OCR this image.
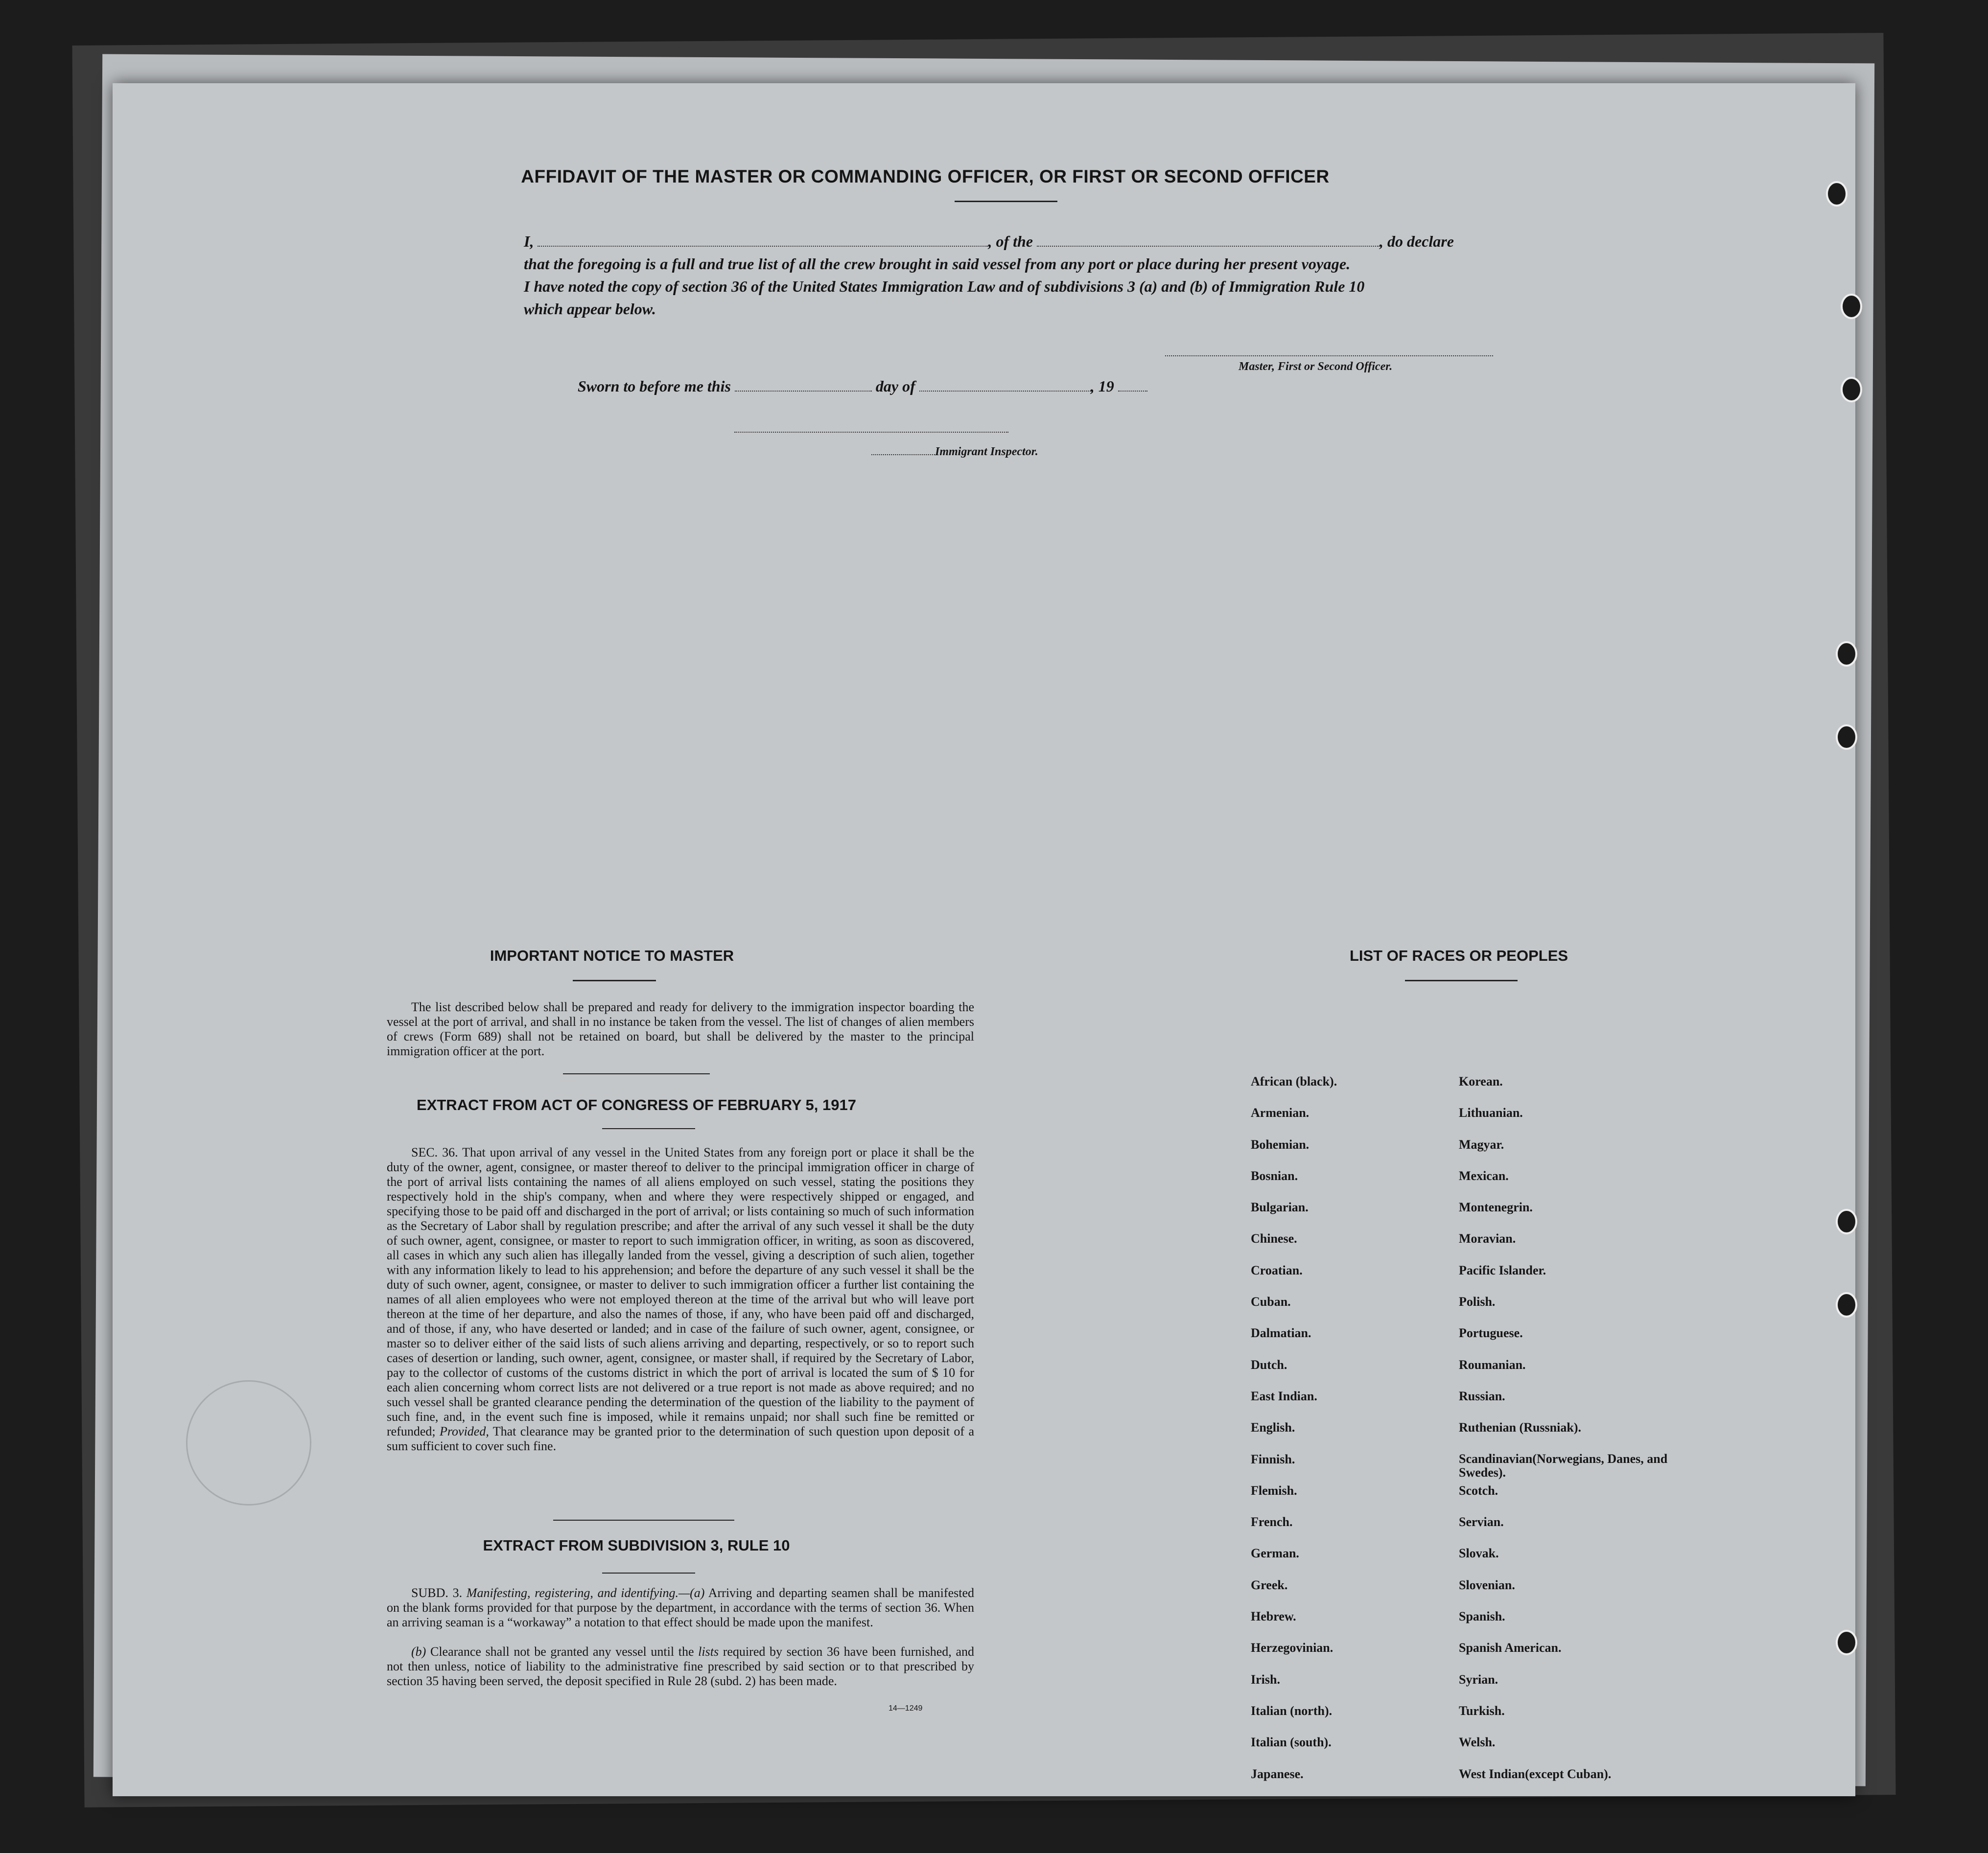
AFFIDAVIT OF THE MASTER OR COMMANDING OFFICER, OR FIRST OR SECOND OFFICER
I,	, of the	, do declare
that the foregoing is a full and true list of all the crew brought in said vessel from any port or place during her present voyage.
I have noted the copy of section 36 of the United States Immigration Law and of subdivisions 3 (a) and (b) of Immigration Rule 10
which appear below.
Master, First or Second Officer.
Sworn to before me this	day of	, 19
Immigrant Inspector.
IMPORTANT NOTICE TO MASTER
The list described below shall be prepared and ready for delivery to the immigration inspector boarding the vessel at the port of arrival, and shall in no instance be taken from the vessel. The list of changes of alien members of crews (Form 689) shall not be retained on board, but shall be delivered by the master to the principal immigration officer at the port.
EXTRACT FROM ACT OF CONGRESS OF FEBRUARY 5, 1917
SEC. 36. That upon arrival of any vessel in the United States from any foreign port or place it shall be the duty of the owner, agent, consignee, or master thereof to deliver to the principal immigration officer in charge of the port of arrival lists containing the names of all aliens employed on such vessel, stating the positions they respectively hold in the ship's company, when and where they were respectively shipped or engaged, and specifying those to be paid off and discharged in the port of arrival; or lists containing so much of such information as the Secretary of Labor shall by regulation prescribe; and after the arrival of any such vessel it shall be the duty of such owner, agent, consignee, or master to report to such immigration officer, in writing, as soon as discovered, all cases in which any such alien has illegally landed from the vessel, giving a description of such alien, together with any information likely to lead to his apprehension; and before the departure of any such vessel it shall be the duty of such owner, agent, consignee, or master to deliver to such immigration officer a further list containing the names of all alien employees who were not employed thereon at the time of the arrival but who will leave port thereon at the time of her departure, and also the names of those, if any, who have been paid off and discharged, and of those, if any, who have deserted or landed; and in case of the failure of such owner, agent, consignee, or master so to deliver either of the said lists of such aliens arriving and departing, respectively, or so to report such cases of desertion or landing, such owner, agent, consignee, or master shall, if required by the Secretary of Labor, pay to the collector of customs of the customs district in which the port of arrival is located the sum of $ 10 for each alien concerning whom correct lists are not delivered or a true report is not made as above required; and no such vessel shall be granted clearance pending the determination of the question of the liability to the payment of such fine, and, in the event such fine is imposed, while it remains unpaid; nor shall such fine be remitted or refunded; Provided, That clearance may be granted prior to the determination of such question upon deposit of a sum sufficient to cover such fine.
EXTRACT FROM SUBDIVISION 3, RULE 10
SUBD. 3. Manifesting, registering, and identifying.—(a) Arriving and departing seamen shall be manifested on the blank forms provided for that purpose by the department, in accordance with the terms of section 36. When an arriving seaman is a “workaway” a notation to that effect should be made upon the manifest.
(b) Clearance shall not be granted any vessel until the lists required by section 36 have been furnished, and not then unless, notice of liability to the administrative fine prescribed by said section or to that prescribed by section 35 having been served, the deposit specified in Rule 28 (subd. 2) has been made.
14—1249
LIST OF RACES OR PEOPLES
African (black).	Korean.
Armenian.	Lithuanian.
Bohemian.	Magyar.
Bosnian.	Mexican.
Bulgarian.	Montenegrin.
Chinese.	Moravian.
Croatian.	Pacific Islander.
Cuban.	Polish.
Dalmatian.	Portuguese.
Dutch.	Roumanian.
East Indian.	Russian.
English.	Ruthenian (Russniak).
Finnish.	Scandinavian(Norwegians, Danes, and Swedes).
Flemish.	Scotch.
French.	Servian.
German.	Slovak.
Greek.	Slovenian.
Hebrew.	Spanish.
Herzegovinian.	Spanish American.
Irish.	Syrian.
Italian (north).	Turkish.
Italian (south).	Welsh.
Japanese.	West Indian(except Cuban).
